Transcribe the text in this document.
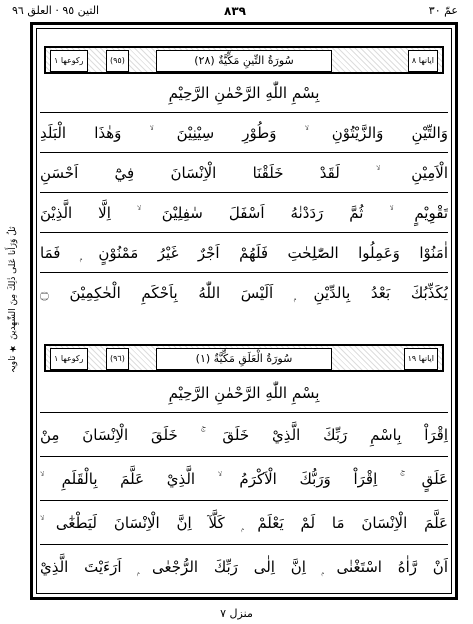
عمّ ٣٠
٨٣٩
التين ٩٥ · العلق ٩٦
ثلُ وَرَأَنا عَلى ذٰلِكَ مِنَ الشّٰهِدينَ ★ تاويہ
ركوعها ١	(٩٥)	سُورَةُ التِّينِ مَكِّيَّةٌ (٢٨)	ايانها ٨
بِسْمِ اللّٰهِ الرَّحْمٰنِ الرَّحِيْمِ
وَالتِّيْنِ وَالزَّيْتُوْنِ ۙ وَطُوْرِ سِيْنِيْنَ ۙ وَهٰذَا الْبَلَدِ
الْاَمِيْنِ ۙ لَقَدْ خَلَقْنَا الْاِنْسَانَ فِيْٓ اَحْسَنِ
تَقْوِيْمٍ ۙ ثُمَّ رَدَدْنٰهُ اَسْفَلَ سٰفِلِيْنَ ۙ اِلَّا الَّذِيْنَ
اٰمَنُوْا وَعَمِلُوا الصّٰلِحٰتِ فَلَهُمْ اَجْرٌ غَيْرُ مَمْنُوْنٍ ۭ فَمَا
يُكَذِّبُكَ بَعْدُ بِالدِّيْنِ ۭ اَلَيْسَ اللّٰهُ بِاَحْكَمِ الْحٰكِمِيْنَ ۝
ركوعها ١	(٩٦)	سُورَةُ الْعَلَقِ مَكِّيَّةٌ (١)	ايانها ١٩
بِسْمِ اللّٰهِ الرَّحْمٰنِ الرَّحِيْمِ
اِقْرَاْ بِاسْمِ رَبِّكَ الَّذِيْ خَلَقَ ۚ خَلَقَ الْاِنْسَانَ مِنْ
عَلَقٍ ۚ اِقْرَاْ وَرَبُّكَ الْاَكْرَمُ ۙ الَّذِيْ عَلَّمَ بِالْقَلَمِ ۙ
عَلَّمَ الْاِنْسَانَ مَا لَمْ يَعْلَمْ ۭ كَلَّآ اِنَّ الْاِنْسَانَ لَيَطْغٰٓى ۙ
اَنْ رَّاٰهُ اسْتَغْنٰى ۭ اِنَّ اِلٰى رَبِّكَ الرُّجْعٰى ۭ اَرَءَيْتَ الَّذِيْ
منزل ٧
